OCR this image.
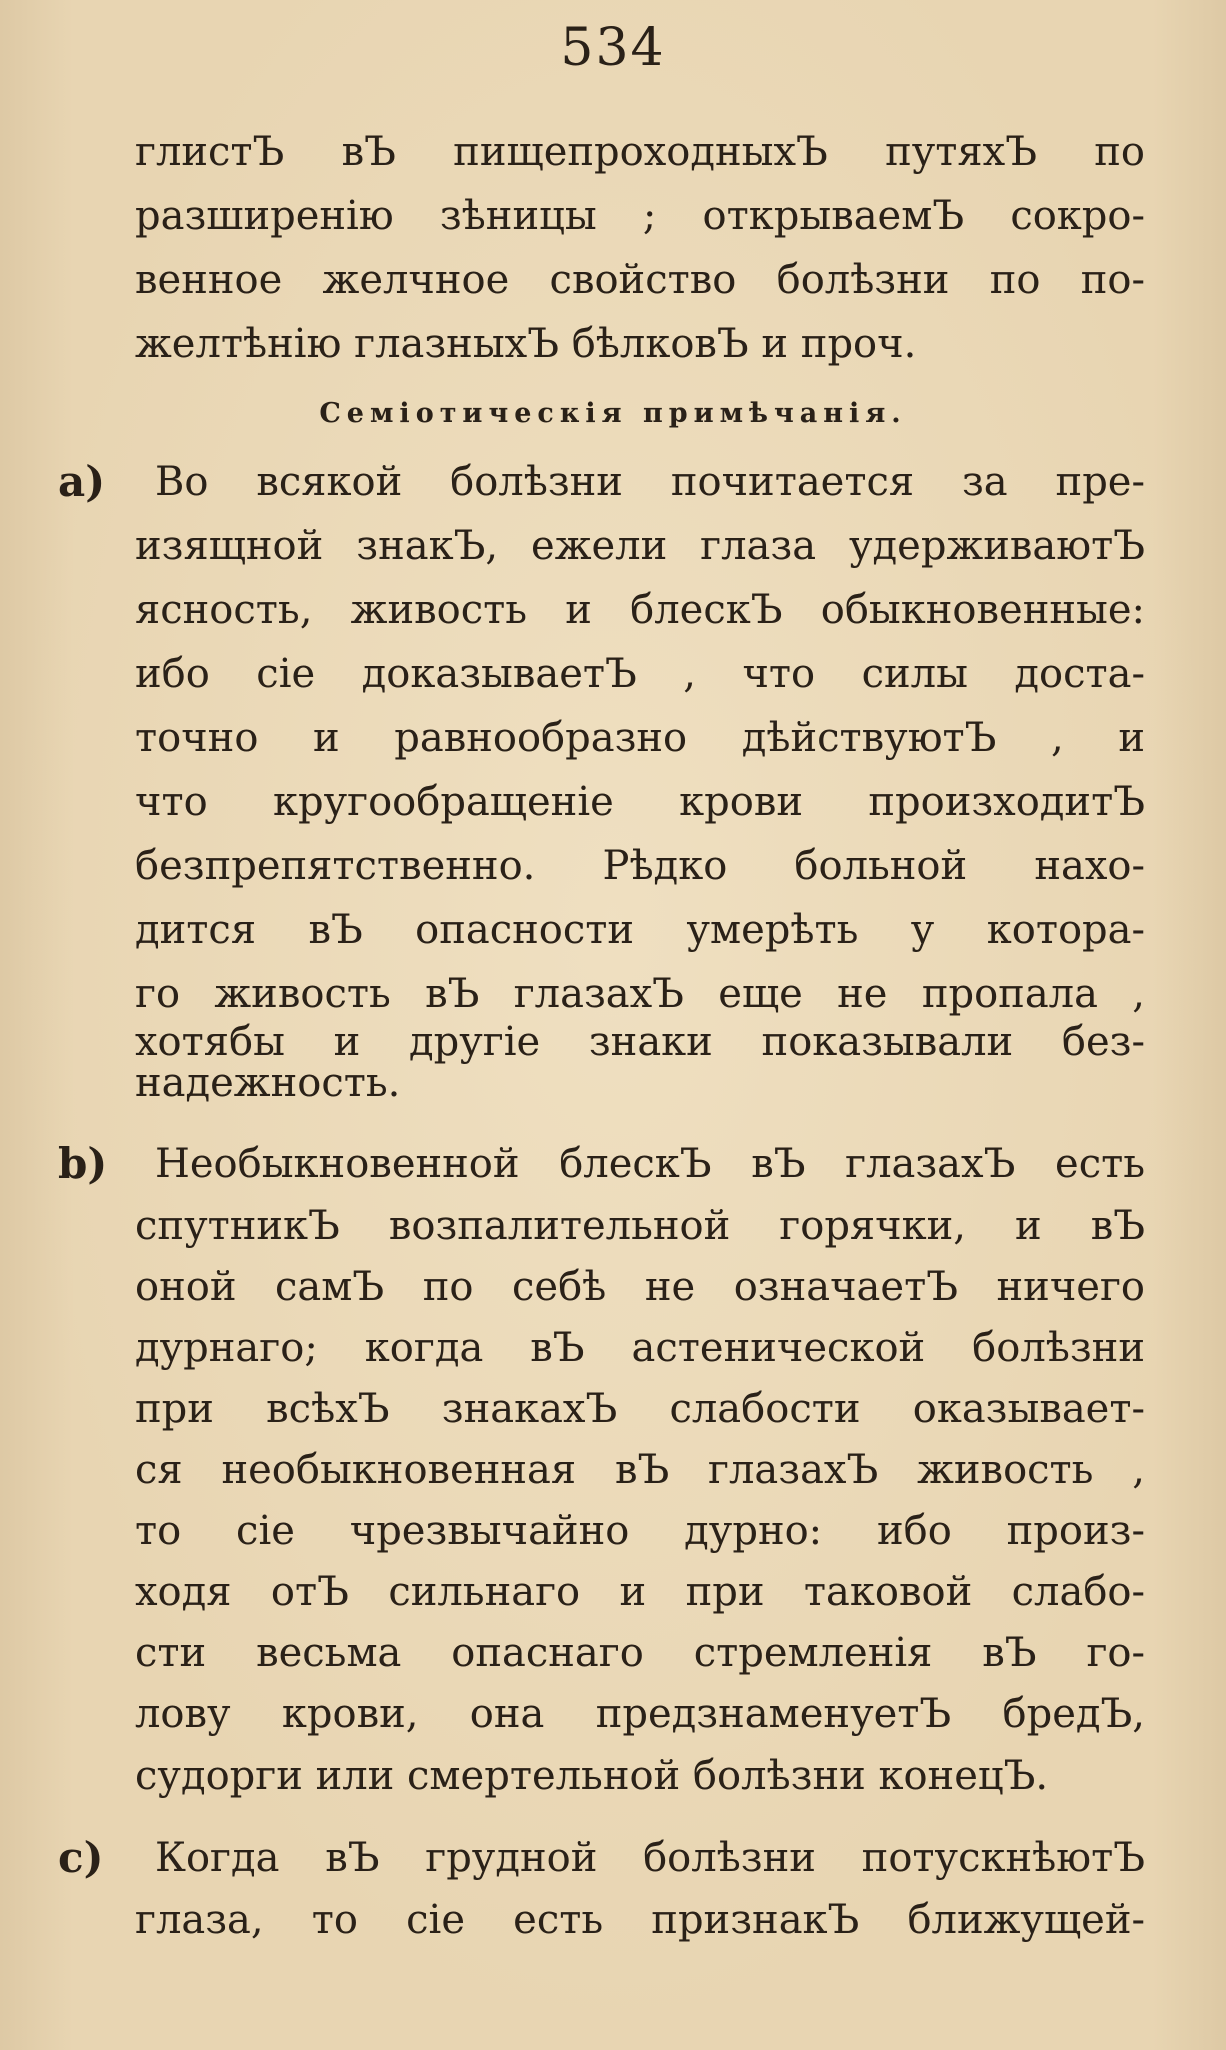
534
глистЪ вЪ пищепроходныхЪ путяхЪ по
разширенiю зѣницы ; открываемЪ сокро-
венное желчное свойство болѣзни по по-
желтѣнiю глазныхЪ бѣлковЪ и проч.
Семiотическiя примѣчанiя.
a) Во всякой болѣзни почитается за пре-
изящной знакЪ, ежели глаза удерживаютЪ
ясность, живость и блескЪ обыкновенные:
ибо сiе доказываетЪ , что силы доста-
точно и равнообразно дѣйствуютЪ , и
что кругообращенiе крови произходитЪ
безпрепятственно. Рѣдко больной нахо-
дится вЪ опасности умерѣть у котора-
го живость вЪ глазахЪ еще не пропала ,
хотябы и другiе знаки показывали без-
надежность.
b) Необыкновенной блескЪ вЪ глазахЪ есть
спутникЪ возпалительной горячки, и вЪ
оной самЪ по себѣ не означаетЪ ничего
дурнаго; когда вЪ астенической болѣзни
при всѣхЪ знакахЪ слабости оказывает-
ся необыкновенная вЪ глазахЪ живость ,
то сiе чрезвычайно дурно: ибо произ-
ходя отЪ сильнаго и при таковой слабо-
сти весьма опаснаго стремленiя вЪ го-
лову крови, она предзнаменуетЪ бредЪ,
судорги или смертельной болѣзни конецЪ.
c) Когда вЪ грудной болѣзни потускнѣютЪ
глаза, то сiе есть признакЪ ближущей-
